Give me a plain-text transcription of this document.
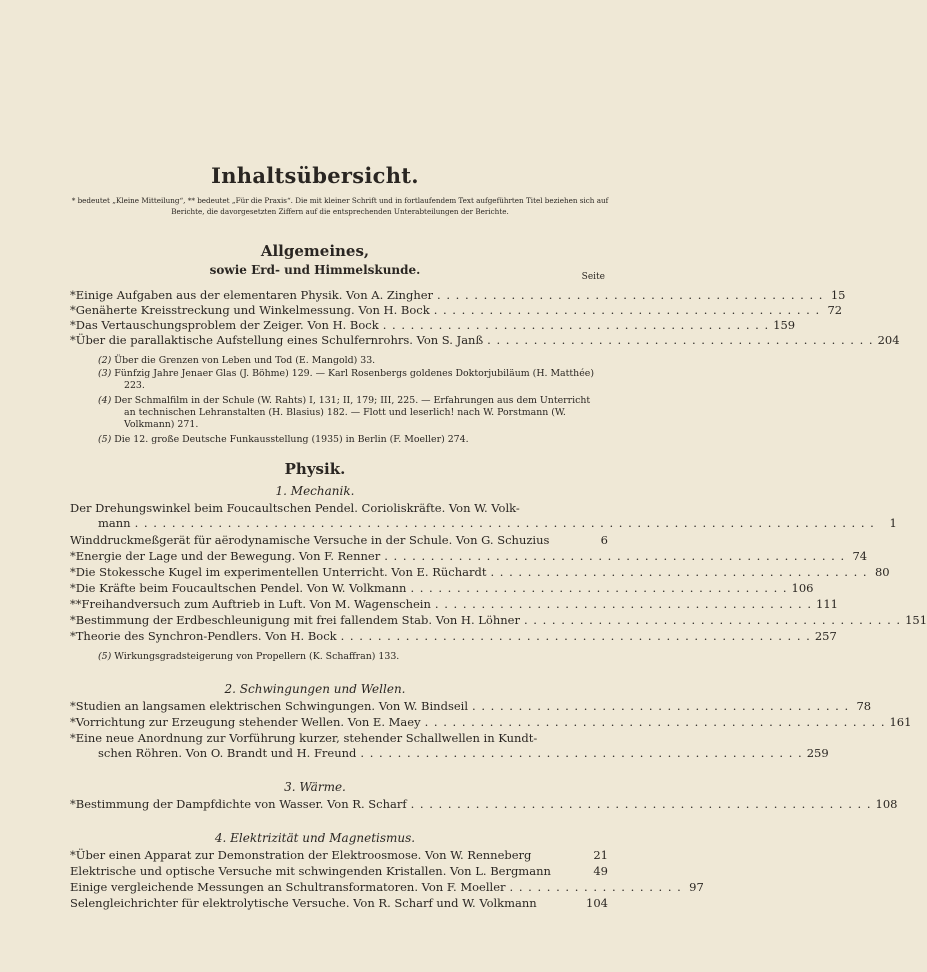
Inhaltsübersicht.
* bedeutet „Kleine Mitteilung“, ** bedeutet „Für die Praxis“. Die mit kleiner Schrift und in fortlaufendem Text aufgeführten Titel beziehen sich auf Berichte, die davorgesetzten Ziffern auf die entsprechenden Unterabteilungen der Berichte.
Allgemeines,
sowie Erd- und Himmelskunde.	Seite
*Einige Aufgaben aus der elementaren Physik. Von A. Zingher . . . . . . . . . . . . . . . . . . . . . . . . . . . . . . . . . . . . . . . . . . 15
*Genäherte Kreisstreckung und Winkelmessung. Von H. Bock . . . . . . . . . . . . . . . . . . . . . . . . . . . . . . . . . . . . . . . . . . 72
*Das Vertauschungsproblem der Zeiger. Von H. Bock . . . . . . . . . . . . . . . . . . . . . . . . . . . . . . . . . . . . . . . . . . 159
*Über die parallaktische Aufstellung eines Schulfernrohrs. Von S. Janß . . . . . . . . . . . . . . . . . . . . . . . . . . . . . . . . . . . . . . . . . . 204
(2) Über die Grenzen von Leben und Tod (E. Mangold) 33.
(3) Fünfzig Jahre Jenaer Glas (J. Böhme) 129. — Karl Rosenbergs goldenes Doktorjubiläum (H. Matthée) 223.
(4) Der Schmalfilm in der Schule (W. Rahts) I, 131; II, 179; III, 225. — Erfahrungen aus dem Unterricht an technischen Lehranstalten (H. Blasius) 182. — Flott und leserlich! nach W. Porstmann (W. Volkmann) 271.
(5) Die 12. große Deutsche Funkausstellung (1935) in Berlin (F. Moeller) 274.
Physik.
1. Mechanik.
Der Drehungswinkel beim Foucaultschen Pendel. Corioliskräfte. Von W. Volk-
mann . . . . . . . . . . . . . . . . . . . . . . . . . . . . . . . . . . . . . . . . . . . . . . . . . . . . . . . . . . . . . . . . . . . . . . . . . . . . . . . .	1
Winddruckmeßgerät für aërodynamische Versuche in der Schule. Von G. Schuzius	6
*Energie der Lage und der Bewegung. Von F. Renner . . . . . . . . . . . . . . . . . . . . . . . . . . . . . . . . . . . . . . . . . . . . . . . . . . 74
*Die Stokessche Kugel im experimentellen Unterricht. Von E. Rüchardt . . . . . . . . . . . . . . . . . . . . . . . . . . . . . . . . . . . . . . . . . 80
*Die Kräfte beim Foucaultschen Pendel. Von W. Volkmann . . . . . . . . . . . . . . . . . . . . . . . . . . . . . . . . . . . . . . . . . 106
**Freihandversuch zum Auftrieb in Luft. Von M. Wagenschein . . . . . . . . . . . . . . . . . . . . . . . . . . . . . . . . . . . . . . . . . 111
*Bestimmung der Erdbeschleunigung mit frei fallendem Stab. Von H. Löhner . . . . . . . . . . . . . . . . . . . . . . . . . . . . . . . . . . . . . . . . . 151
*Theorie des Synchron-Pendlers. Von H. Bock . . . . . . . . . . . . . . . . . . . . . . . . . . . . . . . . . . . . . . . . . . . . . . . . . . . 257
(5) Wirkungsgradsteigerung von Propellern (K. Schaffran) 133.
2. Schwingungen und Wellen.
*Studien an langsamen elektrischen Schwingungen. Von W. Bindseil . . . . . . . . . . . . . . . . . . . . . . . . . . . . . . . . . . . . . . . . . 78
*Vorrichtung zur Erzeugung stehender Wellen. Von E. Maey . . . . . . . . . . . . . . . . . . . . . . . . . . . . . . . . . . . . . . . . . . . . . . . . . . 161
*Eine neue Anordnung zur Vorführung kurzer, stehender Schallwellen in Kundt-
schen Röhren. Von O. Brandt und H. Freund . . . . . . . . . . . . . . . . . . . . . . . . . . . . . . . . . . . . . . . . . . . . . . . . 259
3. Wärme.
*Bestimmung der Dampfdichte von Wasser. Von R. Scharf . . . . . . . . . . . . . . . . . . . . . . . . . . . . . . . . . . . . . . . . . . . . . . . . . . 108
4. Elektrizität und Magnetismus.
*Über einen Apparat zur Demonstration der Elektroosmose. Von W. Renneberg	21
Elektrische und optische Versuche mit schwingenden Kristallen. Von L. Bergmann	49
Einige vergleichende Messungen an Schultransformatoren. Von F. Moeller . . . . . . . . . . . . . . . . . . . 97
Selengleichrichter für elektrolytische Versuche. Von R. Scharf und W. Volkmann	104
